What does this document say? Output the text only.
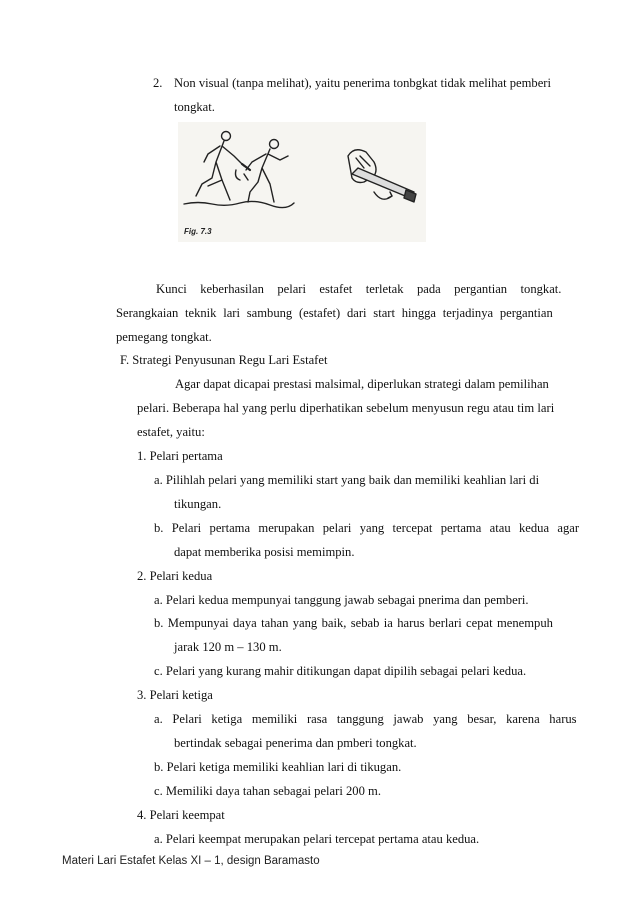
2. Non visual (tanpa melihat), yaitu penerima tonbgkat tidak melihat pemberi
tongkat.
Fig. 7.3
Kunci keberhasilan pelari estafet terletak pada pergantian tongkat.
Serangkaian teknik lari sambung (estafet) dari start hingga terjadinya pergantian
pemegang tongkat.
F. Strategi Penyusunan Regu Lari Estafet
Agar dapat dicapai prestasi malsimal, diperlukan strategi dalam pemilihan
pelari. Beberapa hal yang perlu diperhatikan sebelum menyusun regu atau tim lari
estafet, yaitu:
1. Pelari pertama
a. Pilihlah pelari yang memiliki start yang baik dan memiliki keahlian lari di
tikungan.
b. Pelari pertama merupakan pelari yang tercepat pertama atau kedua agar
dapat memberika posisi memimpin.
2. Pelari kedua
a. Pelari kedua mempunyai tanggung jawab sebagai pnerima dan pemberi.
b. Mempunyai daya tahan yang baik, sebab ia harus berlari cepat menempuh
jarak 120 m – 130 m.
c. Pelari yang kurang mahir ditikungan dapat dipilih sebagai pelari kedua.
3. Pelari ketiga
a. Pelari ketiga memiliki rasa tanggung jawab yang besar, karena harus
bertindak sebagai penerima dan pmberi tongkat.
b. Pelari ketiga memiliki keahlian lari di tikugan.
c. Memiliki daya tahan sebagai pelari 200 m.
4. Pelari keempat
a. Pelari keempat merupakan pelari tercepat pertama atau kedua.
Materi Lari Estafet Kelas XI – 1, design Baramasto
